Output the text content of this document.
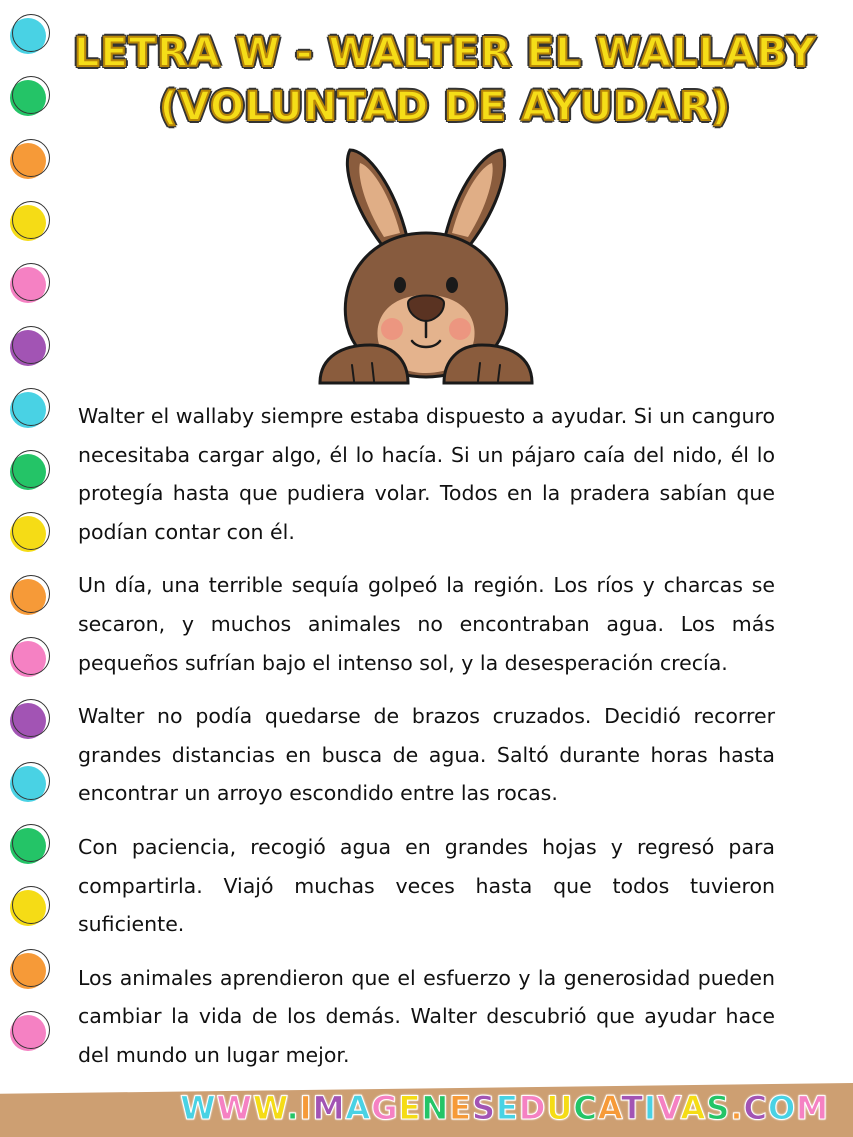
LETRA W - WALTER EL WALLABY
(VOLUNTAD DE AYUDAR)

Walter el wallaby siempre estaba dispuesto a ayudar. Si un canguro necesitaba cargar algo, él lo hacía. Si un pájaro caía del nido, él lo protegía hasta que pudiera volar. Todos en la pradera sabían que podían contar con él.

Un día, una terrible sequía golpeó la región. Los ríos y charcas se secaron, y muchos animales no encontraban agua. Los más pequeños sufrían bajo el intenso sol, y la desesperación crecía.

Walter no podía quedarse de brazos cruzados. Decidió recorrer grandes distancias en busca de agua. Saltó durante horas hasta encontrar un arroyo escondido entre las rocas.

Con paciencia, recogió agua en grandes hojas y regresó para compartirla. Viajó muchas veces hasta que todos tuvieron suficiente.

Los animales aprendieron que el esfuerzo y la generosidad pueden cambiar la vida de los demás. Walter descubrió que ayudar hace del mundo un lugar mejor.

WWW.IMAGENESEDUCATIVAS.COM
